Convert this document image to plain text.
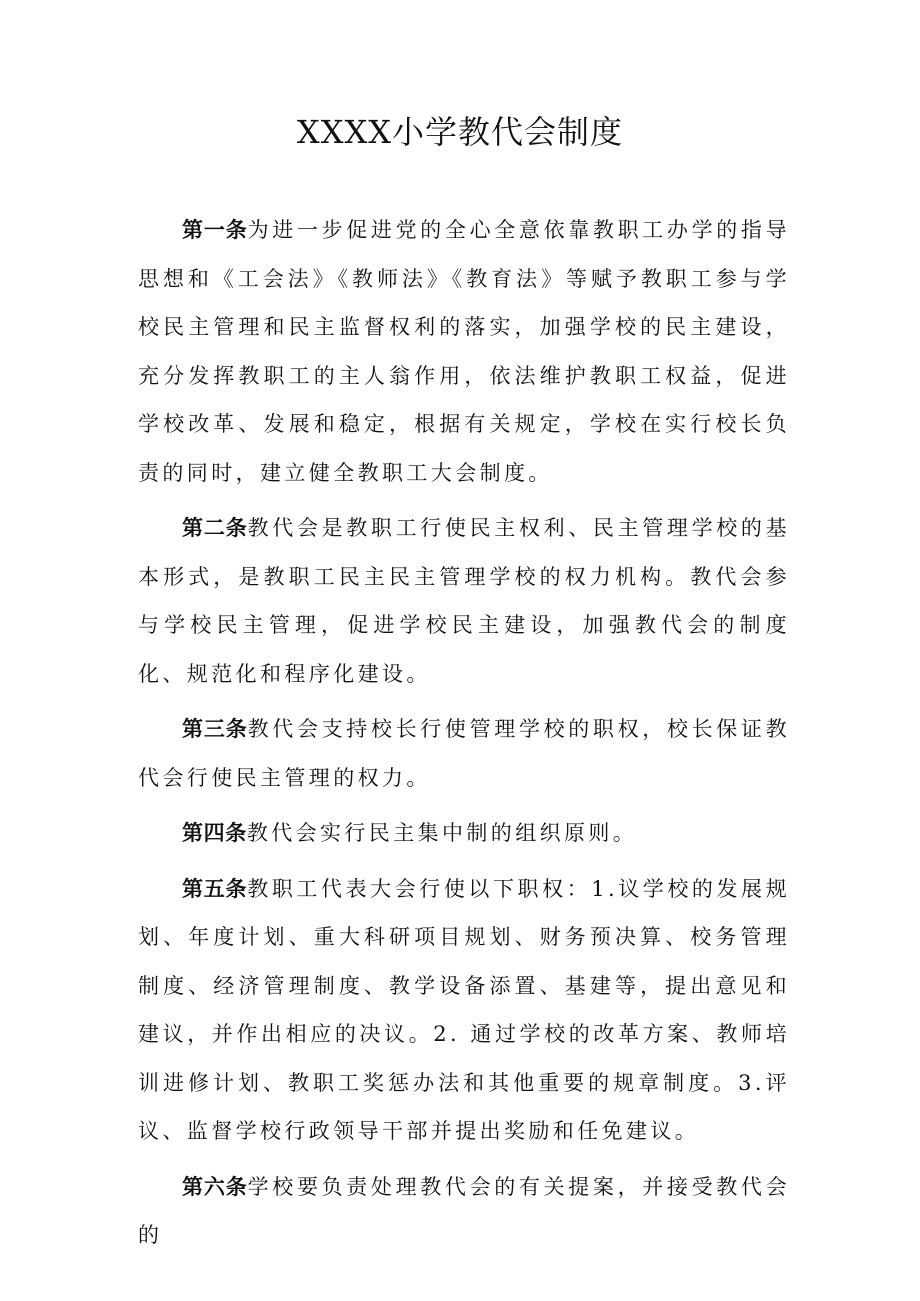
XXXX小学教代会制度

第一条为进一步促进党的全心全意依靠教职工办学的指导思想和《工会法》《教师法》《教育法》等赋予教职工参与学校民主管理和民主监督权利的落实，加强学校的民主建设，充分发挥教职工的主人翁作用，依法维护教职工权益，促进学校改革、发展和稳定，根据有关规定，学校在实行校长负责的同时，建立健全教职工大会制度。

第二条教代会是教职工行使民主权利、民主管理学校的基本形式，是教职工民主民主管理学校的权力机构。教代会参与学校民主管理，促进学校民主建设，加强教代会的制度化、规范化和程序化建设。

第三条教代会支持校长行使管理学校的职权，校长保证教代会行使民主管理的权力。

第四条教代会实行民主集中制的组织原则。

第五条教职工代表大会行使以下职权：1.议学校的发展规划、年度计划、重大科研项目规划、财务预决算、校务管理制度、经济管理制度、教学设备添置、基建等，提出意见和建议，并作出相应的决议。2. 通过学校的改革方案、教师培训进修计划、教职工奖惩办法和其他重要的规章制度。3.评议、监督学校行政领导干部并提出奖励和任免建议。

第六条学校要负责处理教代会的有关提案，并接受教代会的
